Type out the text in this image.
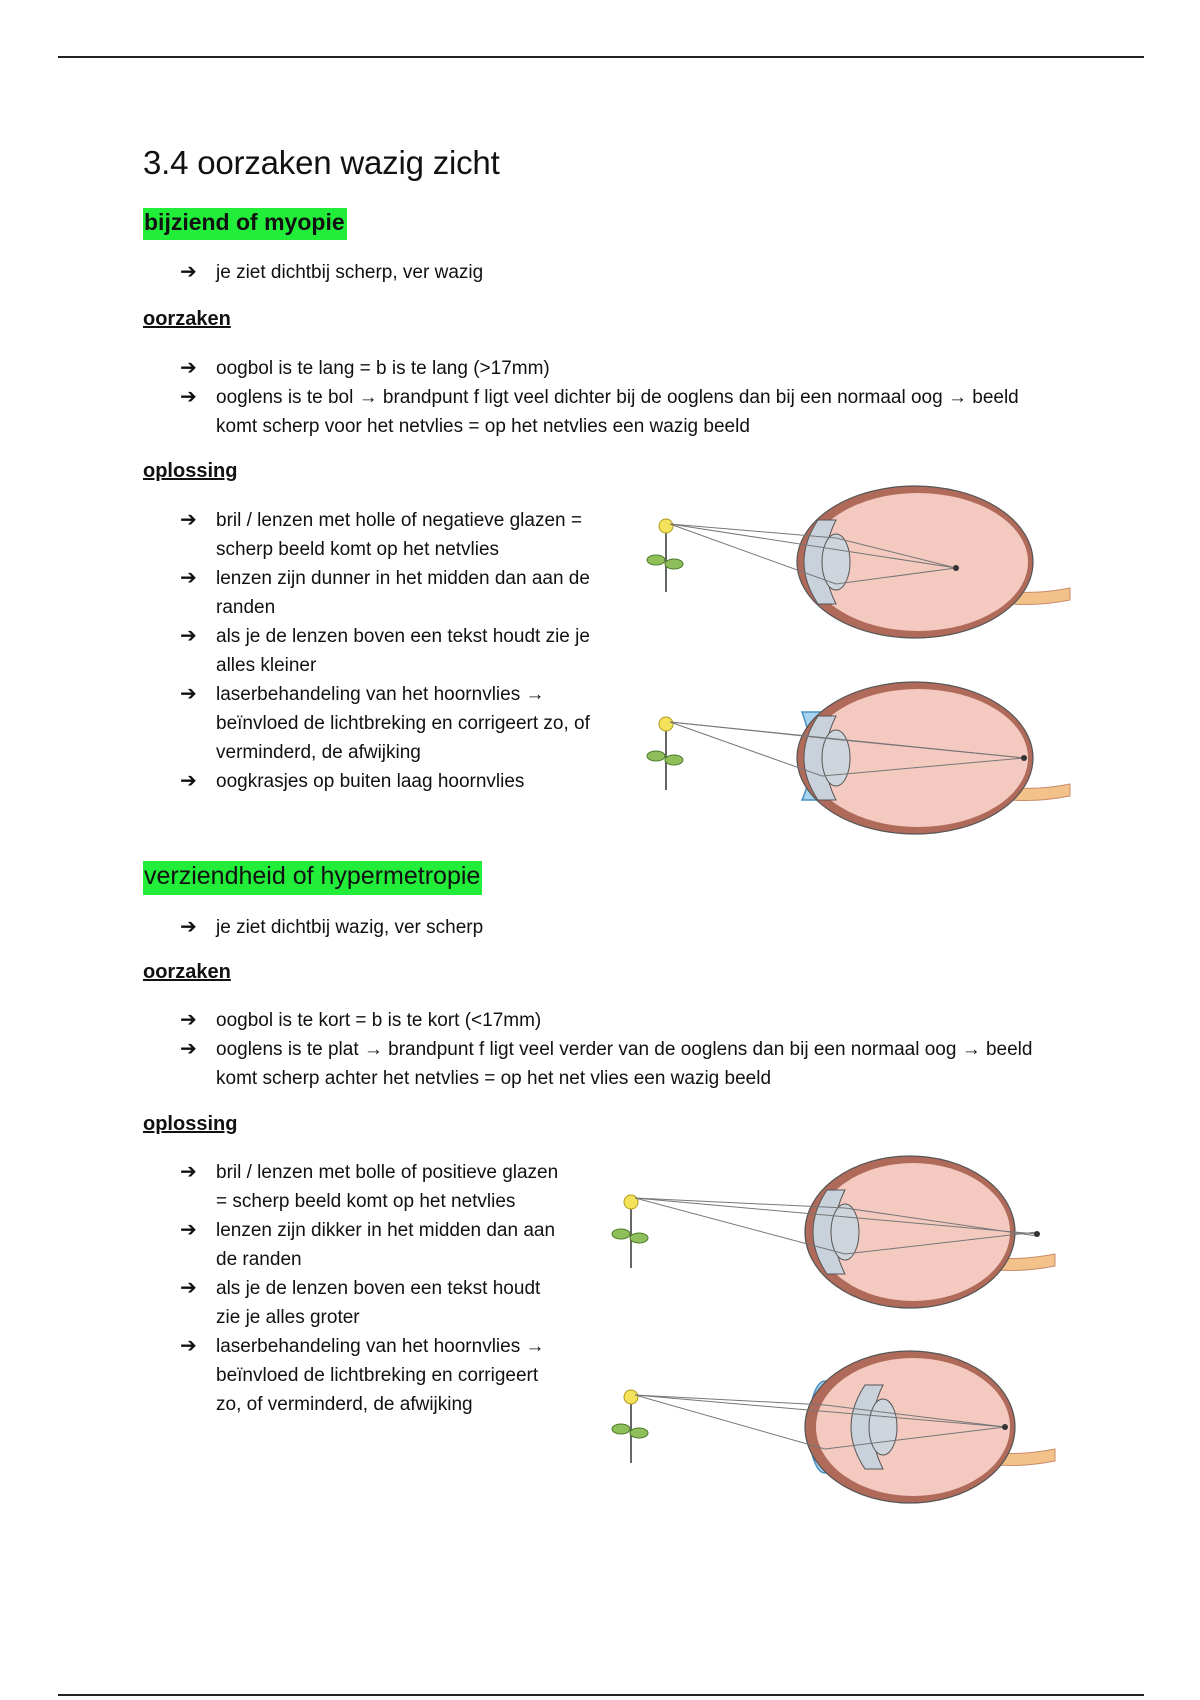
3.4 oorzaken wazig zicht
bijziend of myopie
➔ je ziet dichtbij scherp, ver wazig

oorzaken

➔ oogbol is te lang = b is te lang (>17mm)
➔ ooglens is te bol → brandpunt f ligt veel dichter bij de ooglens dan bij een normaal oog → beeld komt scherp voor het netvlies = op het netvlies een wazig beeld

oplossing

➔ bril / lenzen met holle of negatieve glazen = scherp beeld komt op het netvlies
➔ lenzen zijn dunner in het midden dan aan de randen
➔ als je de lenzen boven een tekst houdt zie je alles kleiner
➔ laserbehandeling van het hoornvlies → beïnvloed de lichtbreking en corrigeert zo, of verminderd, de afwijking
➔ oogkrasjes op buiten laag hoornvlies
verziendheid of hypermetropie
➔ je ziet dichtbij wazig, ver scherp

oorzaken

➔ oogbol is te kort = b is te kort (<17mm)
➔ ooglens is te plat → brandpunt f ligt veel verder van de ooglens dan bij een normaal oog → beeld komt scherp achter het netvlies = op het net vlies een wazig beeld

oplossing

➔ bril / lenzen met bolle of positieve glazen = scherp beeld komt op het netvlies
➔ lenzen zijn dikker in het midden dan aan de randen
➔ als je de lenzen boven een tekst houdt zie je alles groter
➔ laserbehandeling van het hoornvlies → beïnvloed de lichtbreking en corrigeert zo, of verminderd, de afwijking
